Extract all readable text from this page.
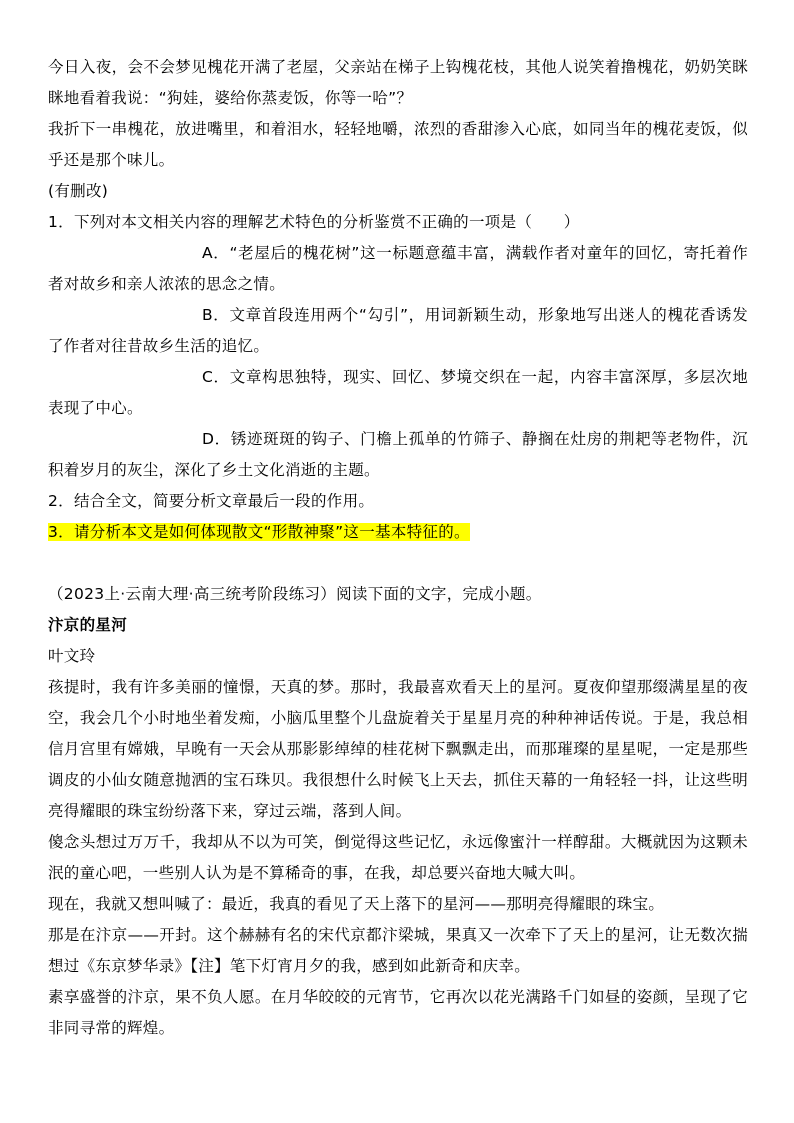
今日入夜，会不会梦见槐花开满了老屋，父亲站在梯子上钩槐花枝，其他人说笑着撸槐花，奶奶笑眯眯地看着我说：“狗娃，婆给你蒸麦饭，你等一哈”？

我折下一串槐花，放进嘴里，和着泪水，轻轻地嚼，浓烈的香甜渗入心底，如同当年的槐花麦饭，似乎还是那个味儿。

(有删改)

1．下列对本文相关内容的理解艺术特色的分析鉴赏不正确的一项是（　　）

A．“老屋后的槐花树”这一标题意蕴丰富，满载作者对童年的回忆，寄托着作者对故乡和亲人浓浓的思念之情。

B．文章首段连用两个“勾引”，用词新颖生动，形象地写出迷人的槐花香诱发了作者对往昔故乡生活的追忆。

C．文章构思独特，现实、回忆、梦境交织在一起，内容丰富深厚，多层次地表现了中心。

D．锈迹斑斑的钩子、门檐上孤单的竹筛子、静搁在灶房的荆耙等老物件，沉积着岁月的灰尘，深化了乡土文化消逝的主题。

2．结合全文，简要分析文章最后一段的作用。

3．请分析本文是如何体现散文“形散神聚”这一基本特征的。

（2023上·云南大理·高三统考阶段练习）阅读下面的文字，完成小题。

汴京的星河

叶文玲

孩提时，我有许多美丽的憧憬，天真的梦。那时，我最喜欢看天上的星河。夏夜仰望那缀满星星的夜空，我会几个小时地坐着发痴，小脑瓜里整个儿盘旋着关于星星月亮的种种神话传说。于是，我总相信月宫里有嫦娥，早晚有一天会从那影影绰绰的桂花树下飘飘走出，而那璀璨的星星呢，一定是那些调皮的小仙女随意抛洒的宝石珠贝。我很想什么时候飞上天去，抓住天幕的一角轻轻一抖，让这些明亮得耀眼的珠宝纷纷落下来，穿过云端，落到人间。

傻念头想过万万千，我却从不以为可笑，倒觉得这些记忆，永远像蜜汁一样醇甜。大概就因为这颗未泯的童心吧，一些别人认为是不算稀奇的事，在我，却总要兴奋地大喊大叫。

现在，我就又想叫喊了：最近，我真的看见了天上落下的星河——那明亮得耀眼的珠宝。

那是在汴京——开封。这个赫赫有名的宋代京都汴梁城，果真又一次牵下了天上的星河，让无数次揣想过《东京梦华录》【注】笔下灯宵月夕的我，感到如此新奇和庆幸。

素享盛誉的汴京，果不负人愿。在月华皎皎的元宵节，它再次以花光满路千门如昼的姿颜，呈现了它非同寻常的辉煌。
